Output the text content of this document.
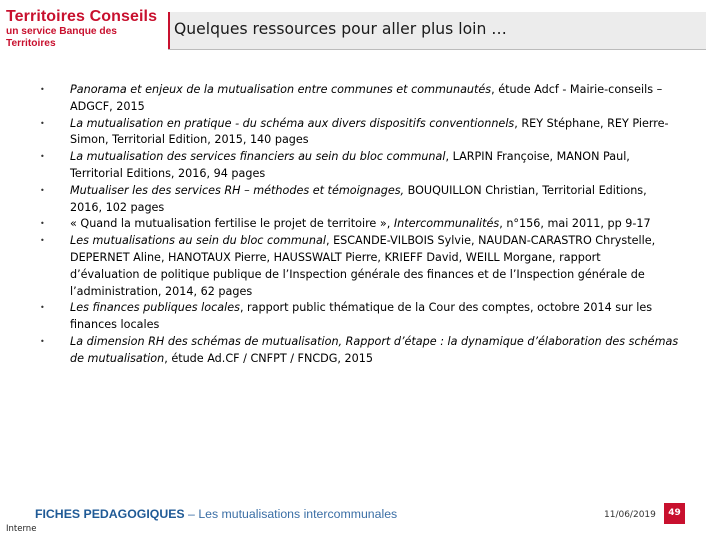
Territoires Conseils
un service Banque des Territoires
Quelques ressources pour aller plus loin …
• Panorama et enjeux de la mutualisation entre communes et communautés, étude Adcf - Mairie-conseils –
ADGCF, 2015
• La mutualisation en pratique - du schéma aux divers dispositifs conventionnels, REY Stéphane, REY Pierre-
Simon, Territorial Edition, 2015, 140 pages
• La mutualisation des services financiers au sein du bloc communal, LARPIN Françoise, MANON Paul,
Territorial Editions, 2016, 94 pages
• Mutualiser les des services RH – méthodes et témoignages, BOUQUILLON Christian, Territorial Editions,
2016, 102 pages
• « Quand la mutualisation fertilise le projet de territoire », Intercommunalités, n°156, mai 2011, pp 9-17
• Les mutualisations au sein du bloc communal, ESCANDE-VILBOIS Sylvie, NAUDAN-CARASTRO Chrystelle,
DEPERNET Aline, HANOTAUX Pierre, HAUSSWALT Pierre, KRIEFF David, WEILL Morgane, rapport
d’évaluation de politique publique de l’Inspection générale des finances et de l’Inspection générale de
l’administration, 2014, 62 pages
• Les finances publiques locales, rapport public thématique de la Cour des comptes, octobre 2014 sur les
finances locales
• La dimension RH des schémas de mutualisation, Rapport d’étape : la dynamique d’élaboration des schémas
de mutualisation, étude Ad.CF / CNFPT / FNCDG, 2015
FICHES PEDAGOGIQUES – Les mutualisations intercommunales	11/06/2019	49
Interne
